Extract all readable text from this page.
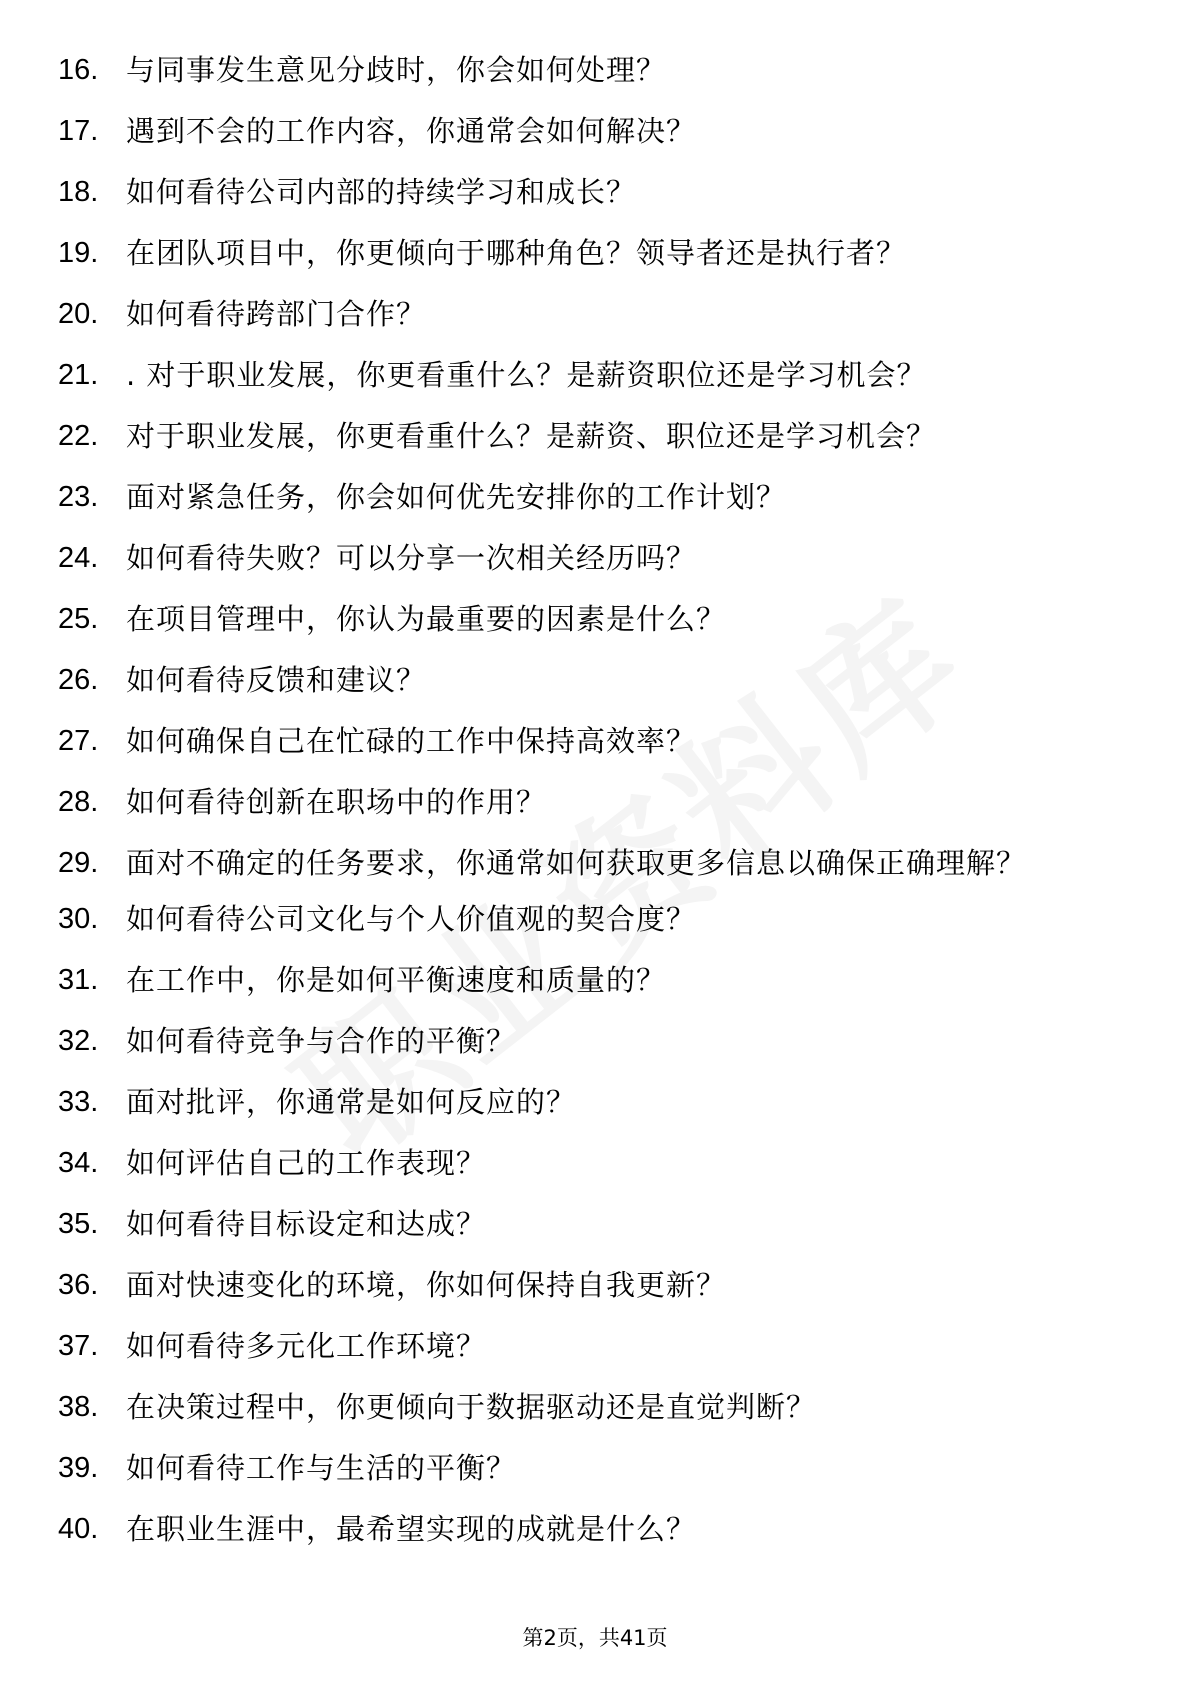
16. 与同事发生意见分歧时，你会如何处理？
17. 遇到不会的工作内容，你通常会如何解决？
18. 如何看待公司内部的持续学习和成长？
19. 在团队项目中，你更倾向于哪种角色？领导者还是执行者？
20. 如何看待跨部门合作？
21. . 对于职业发展，你更看重什么？是薪资职位还是学习机会？
22. 对于职业发展，你更看重什么？是薪资、职位还是学习机会？
23. 面对紧急任务，你会如何优先安排你的工作计划？
24. 如何看待失败？可以分享一次相关经历吗？
25. 在项目管理中，你认为最重要的因素是什么？
26. 如何看待反馈和建议？
27. 如何确保自己在忙碌的工作中保持高效率？
28. 如何看待创新在职场中的作用？
29. 面对不确定的任务要求，你通常如何获取更多信息以确保正确理解？
30. 如何看待公司文化与个人价值观的契合度？
31. 在工作中，你是如何平衡速度和质量的？
32. 如何看待竞争与合作的平衡？
33. 面对批评，你通常是如何反应的？
34. 如何评估自己的工作表现？
35. 如何看待目标设定和达成？
36. 面对快速变化的环境，你如何保持自我更新？
37. 如何看待多元化工作环境？
38. 在决策过程中，你更倾向于数据驱动还是直觉判断？
39. 如何看待工作与生活的平衡？
40. 在职业生涯中，最希望实现的成就是什么？
第2页，共41页
